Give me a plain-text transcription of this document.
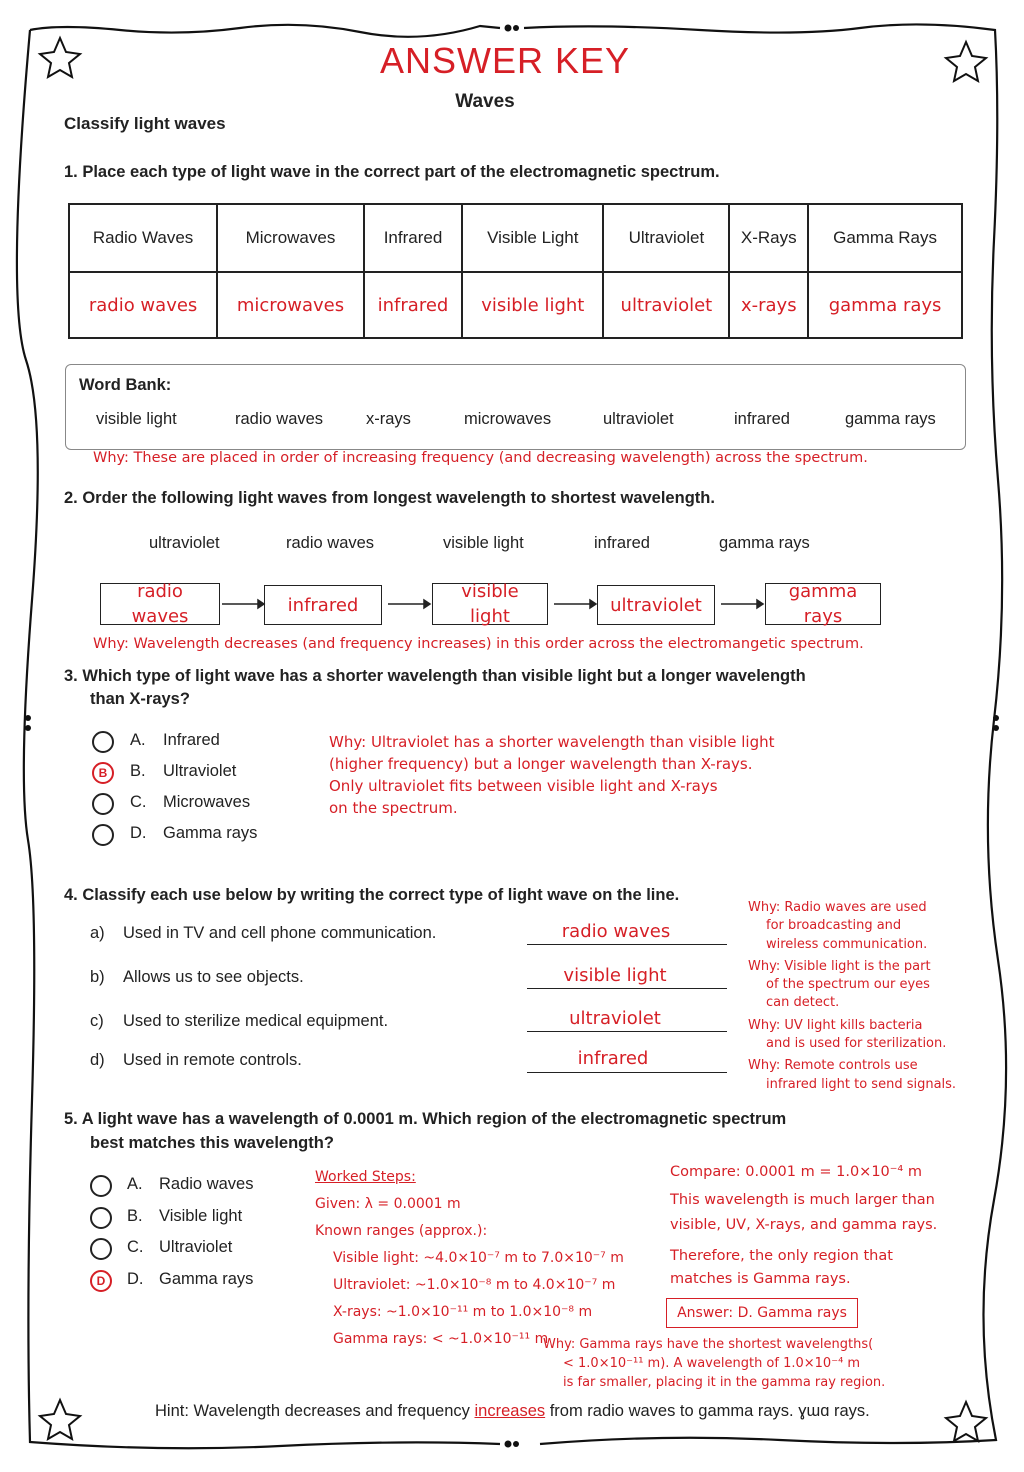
ANSWER KEY
Waves
Classify light waves
1. Place each type of light wave in the correct part of the electromagnetic spectrum.
Radio Waves	Microwaves	Infrared	Visible Light	Ultraviolet	X-Rays	Gamma Rays
radio waves	microwaves	infrared	visible light	ultraviolet	x-rays	gamma rays
Word Bank:
visible light	radio waves	x-rays	microwaves	ultraviolet	infrared	gamma rays
Why: These are placed in order of increasing frequency (and decreasing wavelength) across the spectrum.
2. Order the following light waves from longest wavelength to shortest wavelength.
ultraviolet	radio waves	visible light	infrared	gamma rays
radio waves
infrared
visible light
ultraviolet
gamma rays
Why: Wavelength decreases (and frequency increases) in this order across the electromangetic spectrum.
3. Which type of light wave has a shorter wavelength than visible light but a longer wavelength
than X-rays?
A. Infrared
B	B. Ultraviolet
C. Microwaves
D. Gamma rays
Why: Ultraviolet has a shorter wavelength than visible light
(higher frequency) but a longer wavelength than X-rays.
Only ultraviolet fits between visible light and X-rays
on the spectrum.
4. Classify each use below by writing the correct type of light wave on the line.
a) Used in TV and cell phone communication.	radio waves
b) Allows us to see objects.	visible light
c) Used to sterilize medical equipment.	ultraviolet
d) Used in remote controls.	infrared
Why: Radio waves are used
for broadcasting and
wireless communication.
Why: Visible light is the part
of the spectrum our eyes
can detect.
Why: UV light kills bacteria
and is used for sterilization.
Why: Remote controls use
infrared light to send signals.
5. A light wave has a wavelength of 0.0001 m. Which region of the electromagnetic spectrum
best matches this wavelength?
A. Radio waves
B. Visible light
C. Ultraviolet
D	D. Gamma rays
Worked Steps:
Given: λ = 0.0001 m
Known ranges (approx.):
Visible light: ~4.0×10⁻⁷ m to 7.0×10⁻⁷ m
Ultraviolet: ~1.0×10⁻⁸ m to 4.0×10⁻⁷ m
X-rays: ~1.0×10⁻¹¹ m to 1.0×10⁻⁸ m
Gamma rays: < ~1.0×10⁻¹¹ m
Compare: 0.0001 m = 1.0×10⁻⁴ m
This wavelength is much larger than
visible, UV, X-rays, and gamma rays.
Therefore, the only region that
matches is Gamma rays.
Answer: D. Gamma rays
Why: Gamma rays have the shortest wavelengths(
< 1.0×10⁻¹¹ m). A wavelength of 1.0×10⁻⁴ m
is far smaller, placing it in the gamma ray region.
Hint: Wavelength decreases and frequency increases from radio waves to gamma rays. ɣɯɑ rays.
